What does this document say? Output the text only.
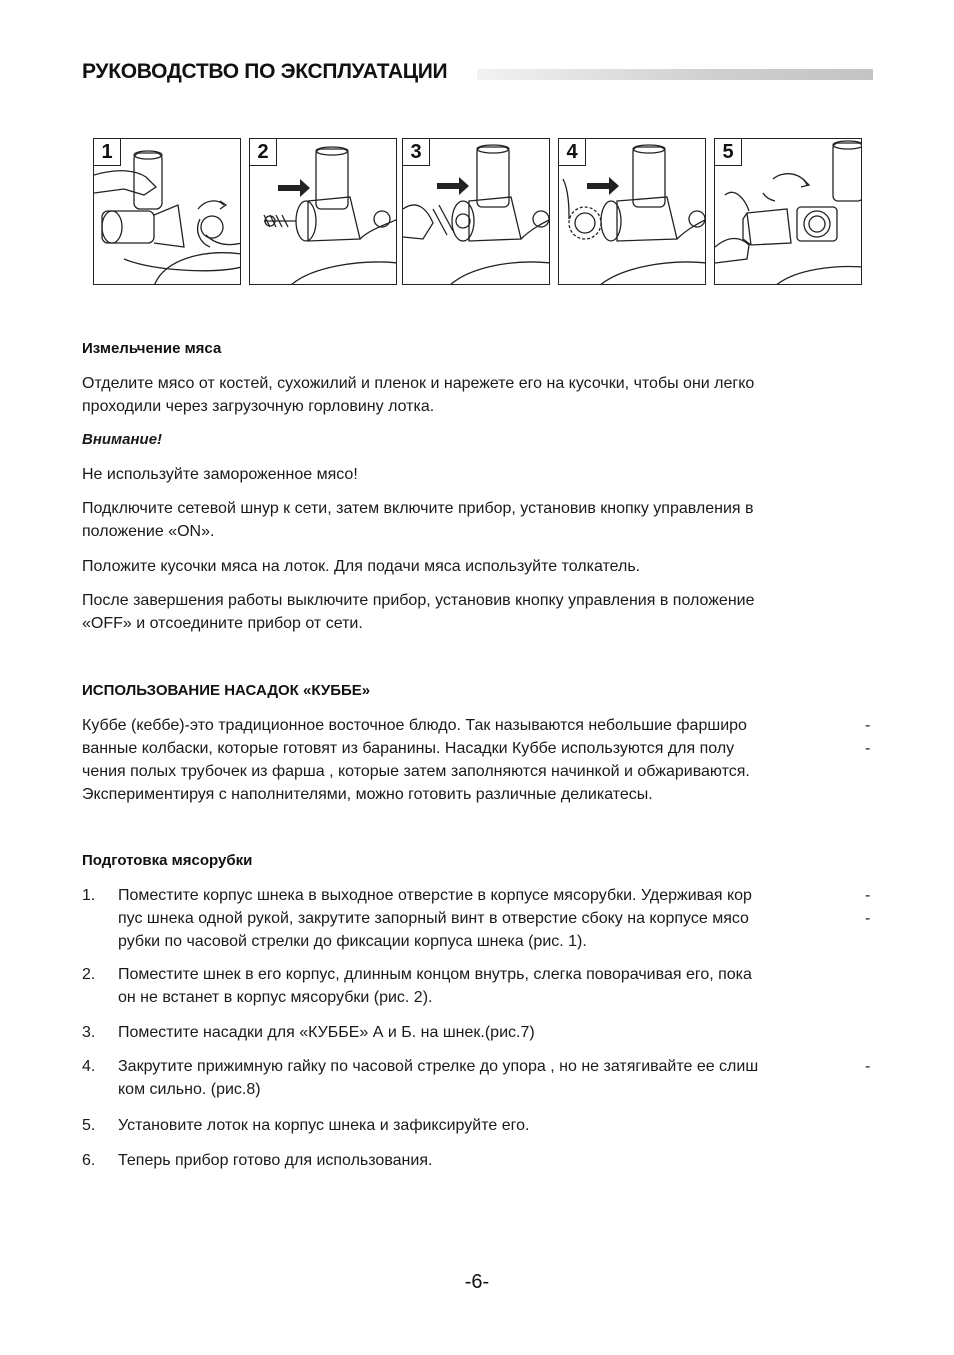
РУКОВОДСТВО ПО ЭКСПЛУАТАЦИИ
1	2	3	4	5
Измельчение мяса
Отделите мясо от костей, сухожилий и пленок и нарежете его на кусочки, чтобы они легко
проходили через загрузочную горловину лотка.
Внимание!
Не используйте замороженное мясо!
Подключите сетевой шнур к сети, затем включите прибор, установив кнопку управления в
положение «ON».
Положите кусочки мяса на лоток. Для подачи мяса используйте толкатель.
После завершения работы выключите прибор, установив кнопку управления в положение
«OFF» и отсоедините прибор от сети.
ИСПОЛЬЗОВАНИЕ НАСАДОК «КУББЕ»
Куббе (кеббе)-это традиционное восточное блюдо. Так называются небольшие фарширо
ванные колбаски, которые готовят из баранины. Насадки Куббе используются для полу
чения полых трубочек из фарша , которые затем заполняются начинкой и обжариваются.
Экспериментируя с наполнителями, можно готовить различные деликатесы.
-
-
Подготовка мясорубки
1. Поместите корпус шнека в выходное отверстие в корпусе мясорубки. Удерживая кор
пус шнека одной рукой, закрутите запорный винт в отверстие сбоку на корпусе мясо
рубки по часовой стрелки до фиксации корпуса шнека (рис. 1).
-
-
2. Поместите шнек в его корпус, длинным концом внутрь, слегка поворачивая его, пока
он не встанет в корпус мясорубки (рис. 2).
3. Поместите насадки для «КУББЕ» А и Б. на шнек.(рис.7)
4. Закрутите прижимную гайку по часовой стрелке до упора , но не затягивайте ее слиш
ком сильно. (рис.8)
-
5. Установите лоток на корпус шнека и зафиксируйте его.
6. Теперь прибор готово для использования.
-6-
